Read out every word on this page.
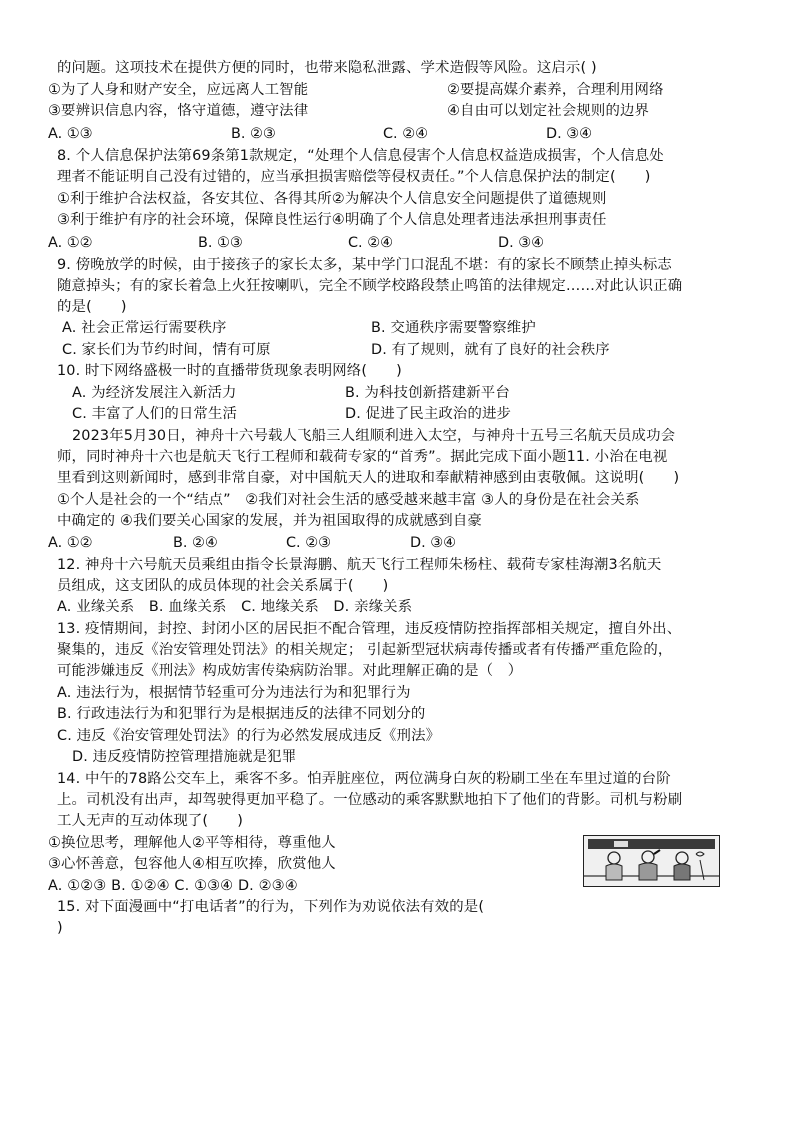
的问题。这项技术在提供方便的同时，也带来隐私泄露、学术造假等风险。这启示( )
①为了人身和财产安全，应远离人工智能	②要提高媒介素养，合理利用网络
③要辨识信息内容，恪守道德，遵守法律	④自由可以划定社会规则的边界
A. ①③	B. ②③	C. ②④	D. ③④
8. 个人信息保护法第69条第1款规定，“处理个人信息侵害个人信息权益造成损害，个人信息处
理者不能证明自己没有过错的，应当承担损害赔偿等侵权责任。”个人信息保护法的制定(　　)
①利于维护合法权益，各安其位、各得其所②为解决个人信息安全问题提供了道德规则
③利于维护有序的社会环境，保障良性运行④明确了个人信息处理者违法承担刑事责任
A. ①②	B. ①③	C. ②④	D. ③④
9. 傍晚放学的时候，由于接孩子的家长太多，某中学门口混乱不堪：有的家长不顾禁止掉头标志
随意掉头；有的家长着急上火狂按喇叭，完全不顾学校路段禁止鸣笛的法律规定……对此认识正确
的是(　　)
A. 社会正常运行需要秩序	B. 交通秩序需要警察维护
C. 家长们为节约时间，情有可原	D. 有了规则，就有了良好的社会秩序
10. 时下网络盛极一时的直播带货现象表明网络(　　)
A. 为经济发展注入新活力	B. 为科技创新搭建新平台
C. 丰富了人们的日常生活	D. 促进了民主政治的进步
2023年5月30日，神舟十六号载人飞船三人组顺利进入太空，与神舟十五号三名航天员成功会
师，同时神舟十六也是航天飞行工程师和载荷专家的“首秀”。据此完成下面小题11. 小治在电视
里看到这则新闻时，感到非常自豪，对中国航天人的进取和奉献精神感到由衷敬佩。这说明(　　)
①个人是社会的一个“结点”　②我们对社会生活的感受越来越丰富 ③人的身份是在社会关系
中确定的 ④我们要关心国家的发展，并为祖国取得的成就感到自豪
A. ①②	B. ②④	C. ②③	D. ③④
12. 神舟十六号航天员乘组由指令长景海鹏、航天飞行工程师朱杨柱、载荷专家桂海潮3名航天
员组成，这支团队的成员体现的社会关系属于(　　)
A. 业缘关系　B. 血缘关系　C. 地缘关系　D. 亲缘关系
13. 疫情期间，封控、封闭小区的居民拒不配合管理，违反疫情防控指挥部相关规定，擅自外出、
聚集的，违反《治安管理处罚法》的相关规定； 引起新型冠状病毒传播或者有传播严重危险的，
可能涉嫌违反《刑法》构成妨害传染病防治罪。对此理解正确的是（　）
A. 违法行为，根据情节轻重可分为违法行为和犯罪行为
B. 行政违法行为和犯罪行为是根据违反的法律不同划分的
C. 违反《治安管理处罚法》的行为必然发展成违反《刑法》
D. 违反疫情防控管理措施就是犯罪
14. 中午的78路公交车上，乘客不多。怕弄脏座位，两位满身白灰的粉刷工坐在车里过道的台阶
上。司机没有出声，却驾驶得更加平稳了。一位感动的乘客默默地拍下了他们的背影。司机与粉刷
工人无声的互动体现了(　　)
①换位思考，理解他人②平等相待，尊重他人
③心怀善意，包容他人④相互吹捧，欣赏他人
A. ①②③ B. ①②④ C. ①③④ D. ②③④
15. 对下面漫画中“打电话者”的行为，下列作为劝说依法有效的是(
)
